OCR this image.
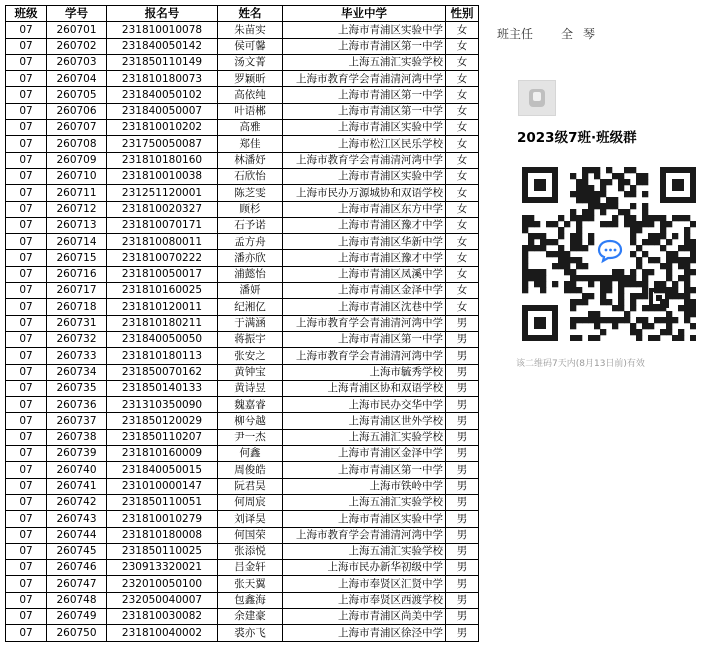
班级	学号	报名号	姓名	毕业中学	性别
07	260701	231810010078	朱苗实	上海市青浦区实验中学	女
07	260702	231840050142	侯可馨	上海市青浦区第一中学	女
07	260703	231850110149	汤文菁	上海五浦汇实验学校	女
07	260704	231810180073	罗颖昕	上海市教育学会青浦清河湾中学	女
07	260705	231840050102	高依纯	上海市青浦区第一中学	女
07	260706	231840050007	叶语郴	上海市青浦区第一中学	女
07	260707	231810010202	高雅	上海市青浦区实验中学	女
07	260708	231750050087	郑佳	上海市松江区民乐学校	女
07	260709	231810180160	林潘妤	上海市教育学会青浦清河湾中学	女
07	260710	231810010038	石欣怡	上海市青浦区实验中学	女
07	260711	231251120001	陈芝雯	上海市民办万源城协和双语学校	女
07	260712	231810020327	顾杉	上海市青浦区东方中学	女
07	260713	231810070171	石予诺	上海市青浦区豫才中学	女
07	260714	231810080011	孟方舟	上海市青浦区华新中学	女
07	260715	231810070222	潘亦欣	上海市青浦区豫才中学	女
07	260716	231810050017	浦懿怡	上海市青浦区凤溪中学	女
07	260717	231810160025	潘妍	上海市青浦区金泽中学	女
07	260718	231810120011	纪湘亿	上海市青浦区沈巷中学	女
07	260731	231810180211	于满涵	上海市教育学会青浦清河湾中学	男
07	260732	231840050050	蒋振宇	上海市青浦区第一中学	男
07	260733	231810180113	张安之	上海市教育学会青浦清河湾中学	男
07	260734	231850070162	黄钟宝	上海市毓秀学校	男
07	260735	231850140133	黄诗昱	上海青浦区协和双语学校	男
07	260736	231310350090	魏嘉睿	上海市民办交华中学	男
07	260737	231850120029	柳兮越	上海青浦区世外学校	男
07	260738	231850110207	尹一杰	上海五浦汇实验学校	男
07	260739	231810160009	何鑫	上海市青浦区金泽中学	男
07	260740	231840050015	周俊皓	上海市青浦区第一中学	男
07	260741	231010000147	阮君昊	上海市铁岭中学	男
07	260742	231850110051	何周宸	上海五浦汇实验学校	男
07	260743	231810010279	刘译昊	上海市青浦区实验中学	男
07	260744	231810180008	何国荣	上海市教育学会青浦清河湾中学	男
07	260745	231850110025	张添悦	上海五浦汇实验学校	男
07	260746	230913320021	吕金轩	上海市民办新华初级中学	男
07	260747	232010050100	张天翼	上海市奉贤区汇贤中学	男
07	260748	232050040007	包鑫海	上海市奉贤区西渡学校	男
07	260749	231810030082	余建豪	上海市青浦区尚美中学	男
07	260750	231810040002	裘亦飞	上海市青浦区徐泾中学	男
班主任 全琴
2023级7班·班级群
该二维码7天内(8月13日前)有效
